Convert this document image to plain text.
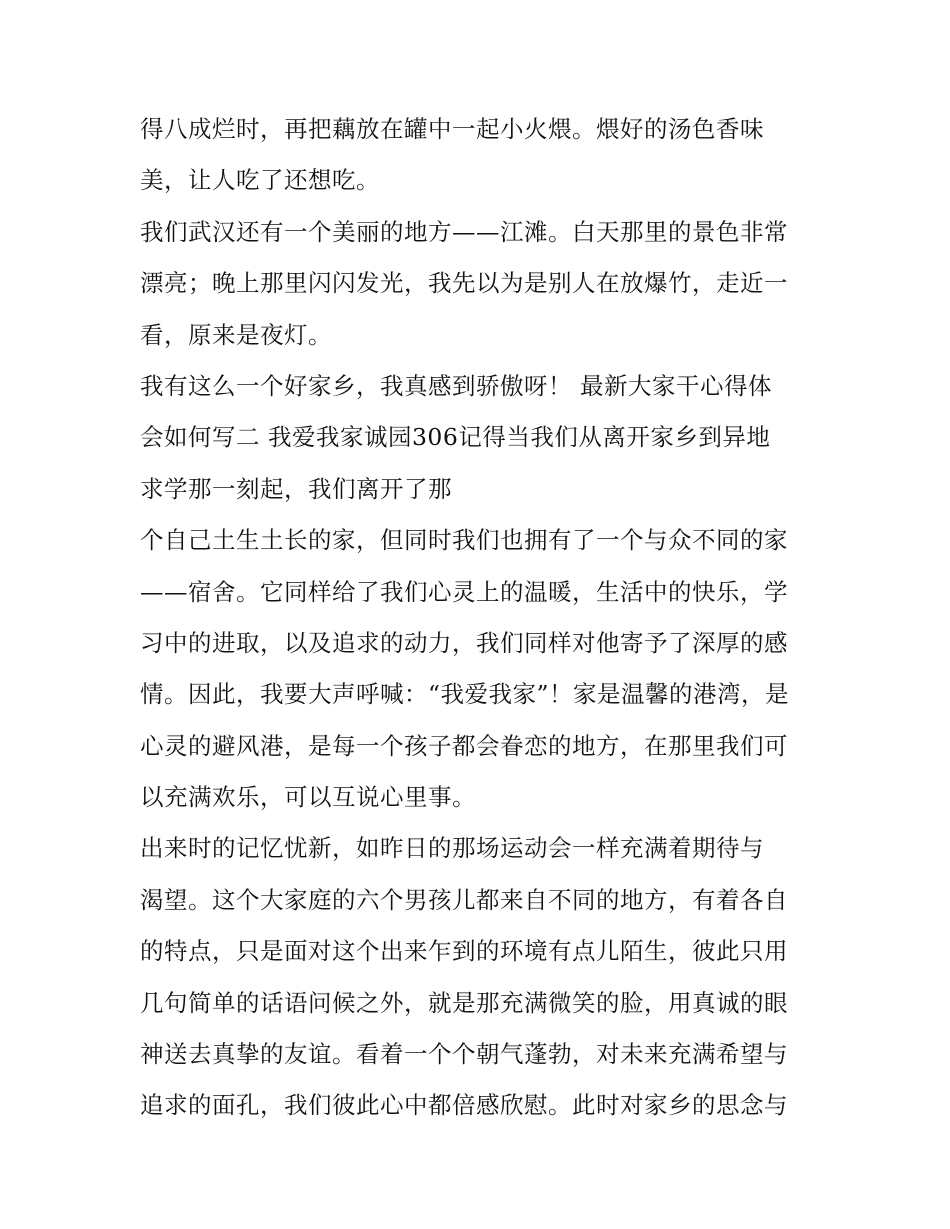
得八成烂时，再把藕放在罐中一起小火煨。煨好的汤色香味
美，让人吃了还想吃。
我们武汉还有一个美丽的地方——江滩。白天那里的景色非常
漂亮；晚上那里闪闪发光，我先以为是别人在放爆竹，走近一
看，原来是夜灯。
我有这么一个好家乡，我真感到骄傲呀！ 最新大家干心得体
会如何写二 我爱我家诚园306记得当我们从离开家乡到异地
求学那一刻起，我们离开了那
个自己土生土长的家，但同时我们也拥有了一个与众不同的家
——宿舍。它同样给了我们心灵上的温暖，生活中的快乐，学
习中的进取，以及追求的动力，我们同样对他寄予了深厚的感
情。因此，我要大声呼喊：“我爱我家”！家是温馨的港湾，是
心灵的避风港，是每一个孩子都会眷恋的地方，在那里我们可
以充满欢乐，可以互说心里事。
出来时的记忆忧新，如昨日的那场运动会一样充满着期待与
渴望。这个大家庭的六个男孩儿都来自不同的地方，有着各自
的特点，只是面对这个出来乍到的环境有点儿陌生，彼此只用
几句简单的话语问候之外，就是那充满微笑的脸，用真诚的眼
神送去真挚的友谊。看着一个个朝气蓬勃，对未来充满希望与
追求的面孔，我们彼此心中都倍感欣慰。此时对家乡的思念与
